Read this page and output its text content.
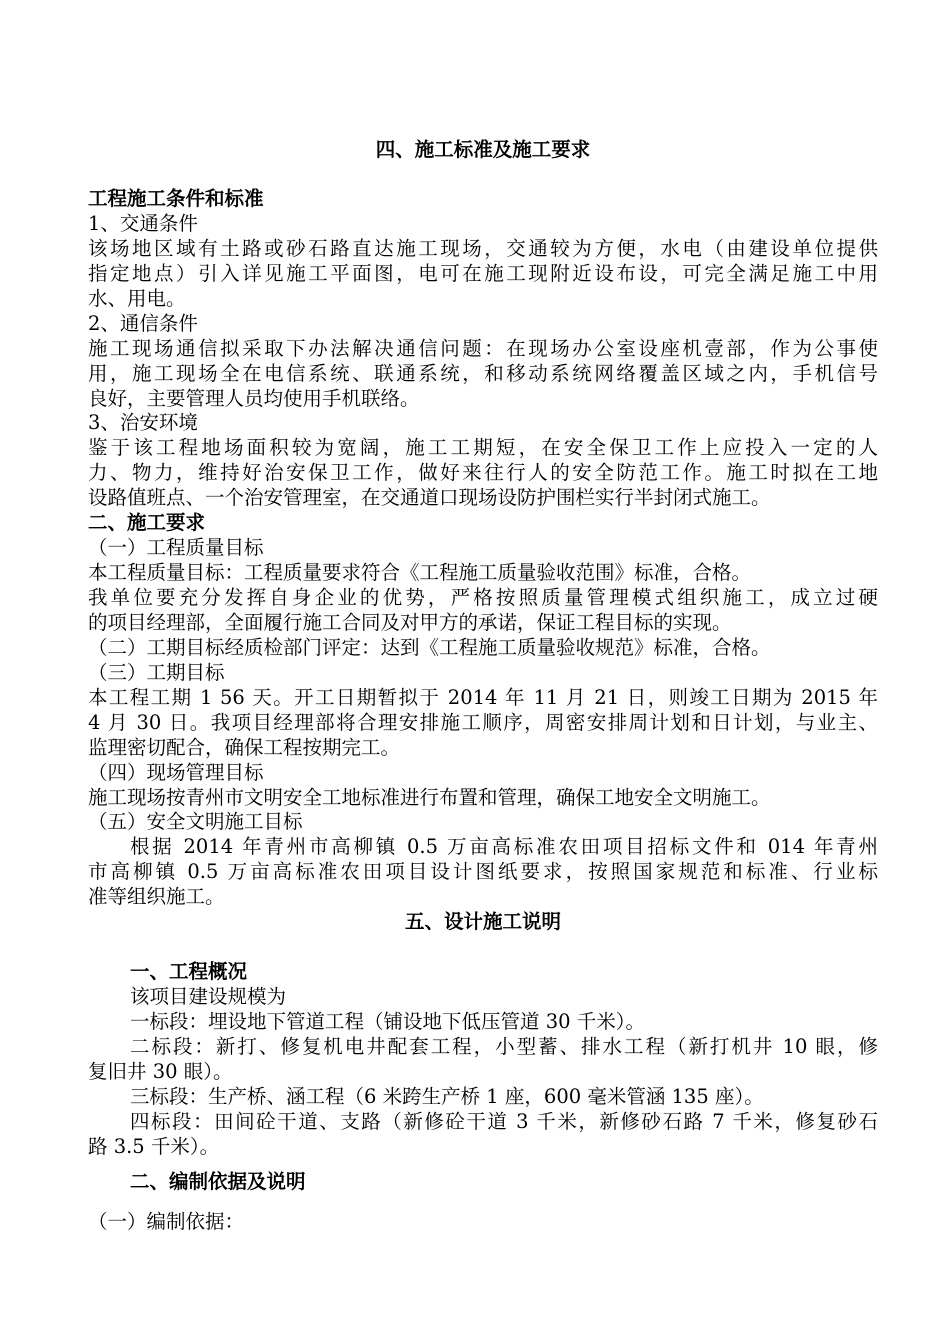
四、施工标准及施工要求
工程施工条件和标准
1、交通条件
该场地区域有土路或砂石路直达施工现场，交通较为方便，水电（由建设单位提供
指定地点）引入详见施工平面图，电可在施工现附近设布设，可完全满足施工中用
水、用电。
2、通信条件
施工现场通信拟采取下办法解决通信问题：在现场办公室设座机壹部，作为公事使
用，施工现场全在电信系统、联通系统，和移动系统网络覆盖区域之内，手机信号
良好，主要管理人员均使用手机联络。
3、治安环境
鉴于该工程地场面积较为宽阔，施工工期短，在安全保卫工作上应投入一定的人
力、物力，维持好治安保卫工作，做好来往行人的安全防范工作。施工时拟在工地
设路值班点、一个治安管理室，在交通道口现场设防护围栏实行半封闭式施工。
二、施工要求
（一）工程质量目标
本工程质量目标：工程质量要求符合《工程施工质量验收范围》标准，合格。
我单位要充分发挥自身企业的优势，严格按照质量管理模式组织施工，成立过硬
的项目经理部，全面履行施工合同及对甲方的承诺，保证工程目标的实现。
（二）工期目标经质检部门评定：达到《工程施工质量验收规范》标准，合格。
（三）工期目标
本工程工期 1 56 天。开工日期暂拟于 2014 年 11 月 21 日，则竣工日期为 2015 年
4 月 30 日。我项目经理部将合理安排施工顺序，周密安排周计划和日计划，与业主、
监理密切配合，确保工程按期完工。
（四）现场管理目标
施工现场按青州市文明安全工地标准进行布置和管理，确保工地安全文明施工。
（五）安全文明施工目标
根据 2014 年青州市高柳镇 0.5 万亩高标准农田项目招标文件和 014 年青州
市高柳镇 0.5 万亩高标准农田项目设计图纸要求，按照国家规范和标准、行业标
准等组织施工。
五、设计施工说明
一、工程概况
该项目建设规模为
一标段：埋设地下管道工程（铺设地下低压管道 30 千米）。
二标段：新打、修复机电井配套工程，小型蓄、排水工程（新打机井 10 眼，修
复旧井 30 眼）。
三标段：生产桥、涵工程（6 米跨生产桥 1 座，600 毫米管涵 135 座）。
四标段：田间砼干道、支路（新修砼干道 3 千米，新修砂石路 7 千米，修复砂石
路 3.5 千米）。
二、编制依据及说明
（一）编制依据：
